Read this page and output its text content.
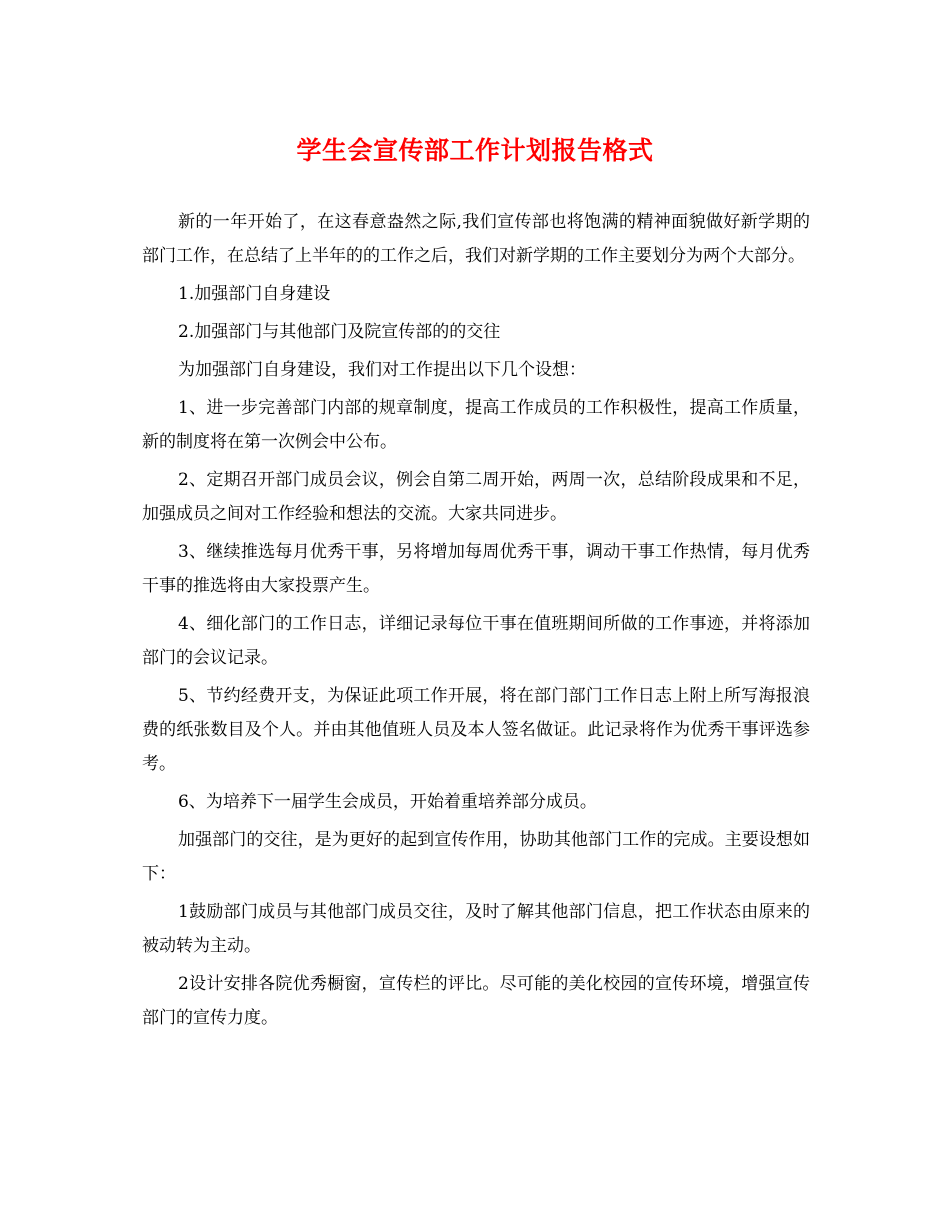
学生会宣传部工作计划报告格式

新的一年开始了，在这春意盎然之际,我们宣传部也将饱满的精神面貌做好新学期的部门工作，在总结了上半年的的工作之后，我们对新学期的工作主要划分为两个大部分。

1.加强部门自身建设

2.加强部门与其他部门及院宣传部的的交往

为加强部门自身建设，我们对工作提出以下几个设想：

1、进一步完善部门内部的规章制度，提高工作成员的工作积极性，提高工作质量，新的制度将在第一次例会中公布。

2、定期召开部门成员会议，例会自第二周开始，两周一次，总结阶段成果和不足，加强成员之间对工作经验和想法的交流。大家共同进步。

3、继续推选每月优秀干事，另将增加每周优秀干事，调动干事工作热情，每月优秀干事的推选将由大家投票产生。

4、细化部门的工作日志，详细记录每位干事在值班期间所做的工作事迹，并将添加部门的会议记录。

5、节约经费开支，为保证此项工作开展，将在部门部门工作日志上附上所写海报浪费的纸张数目及个人。并由其他值班人员及本人签名做证。此记录将作为优秀干事评选参考。

6、为培养下一届学生会成员，开始着重培养部分成员。

加强部门的交往，是为更好的起到宣传作用，协助其他部门工作的完成。主要设想如下：

1鼓励部门成员与其他部门成员交往，及时了解其他部门信息，把工作状态由原来的被动转为主动。

2设计安排各院优秀橱窗，宣传栏的评比。尽可能的美化校园的宣传环境，增强宣传部门的宣传力度。
